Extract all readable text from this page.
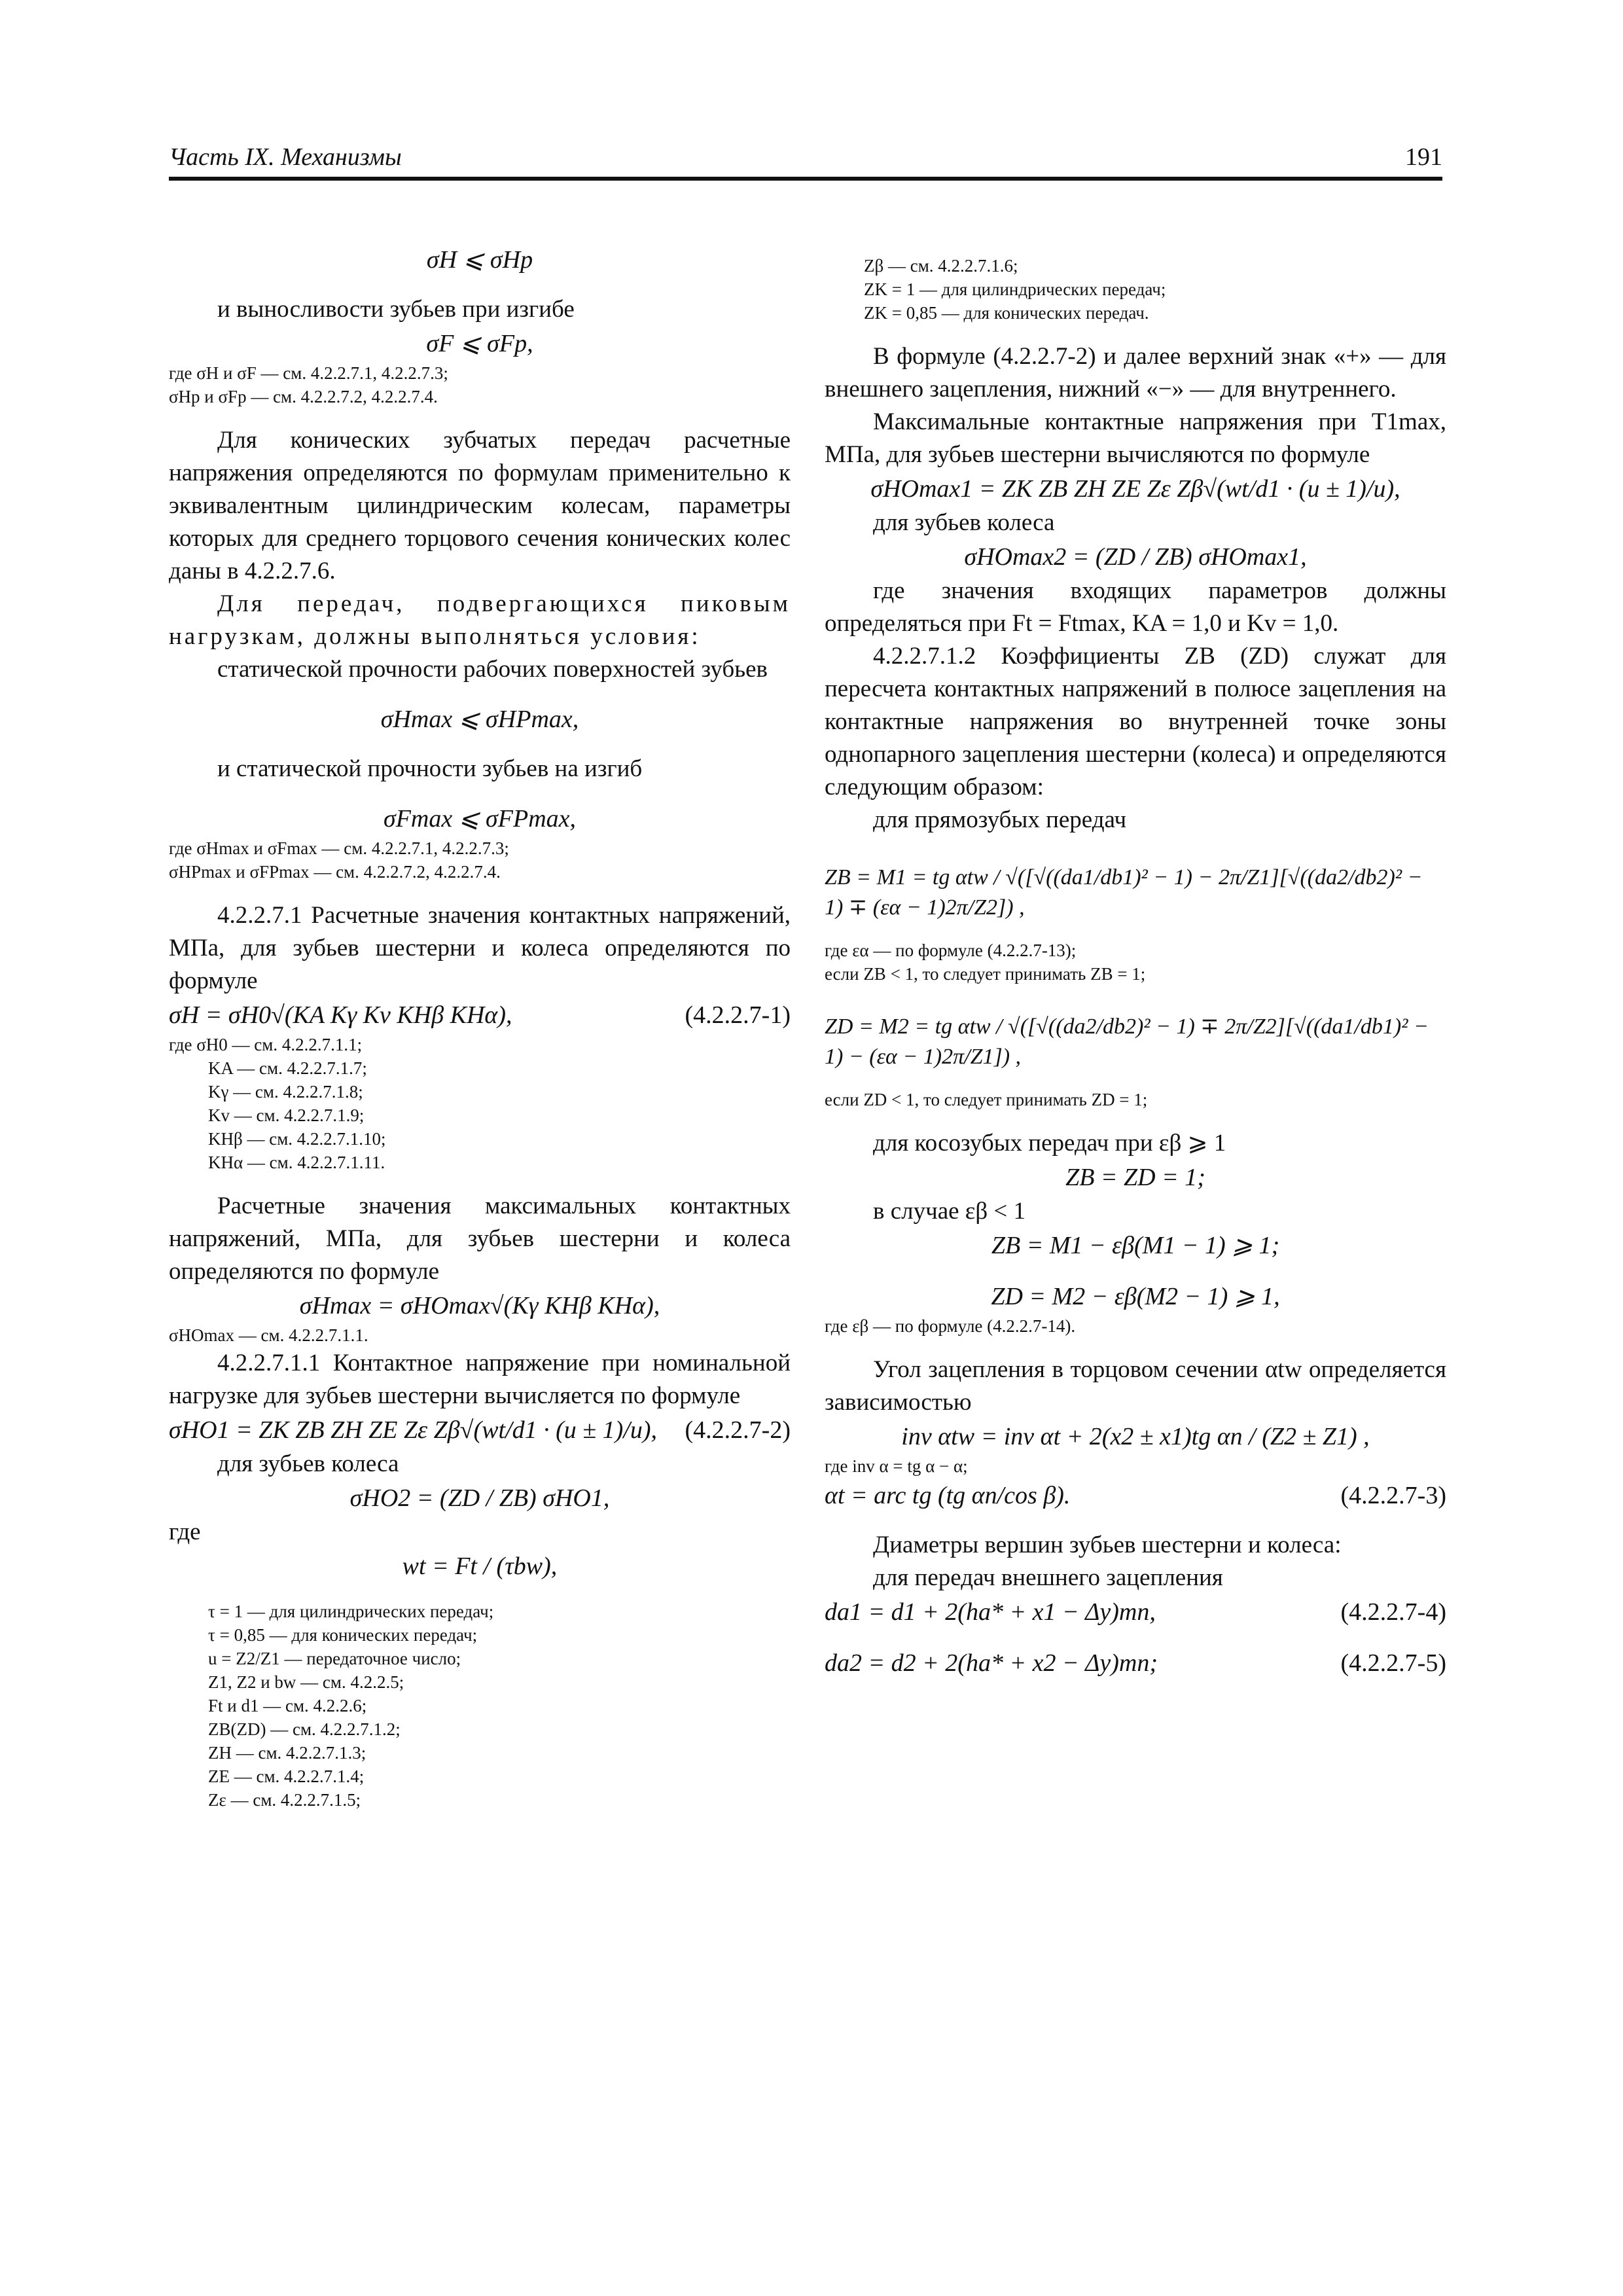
Часть IX. Механизмы	191
σH ⩽ σHp

и выносливости зубьев при изгибе

σF ⩽ σFp,

где σH и σF — см. 4.2.2.7.1, 4.2.2.7.3;

σHp и σFp — см. 4.2.2.7.2, 4.2.2.7.4.

Для конических зубчатых передач расчетные напряжения определяются по формулам применительно к эквивалентным цилиндрическим колесам, параметры которых для среднего торцового сечения конических колес даны в 4.2.2.7.6.

Для передач, подвергающихся пиковым нагрузкам, должны выполняться условия:

статической прочности рабочих поверхностей зубьев

σHmax ⩽ σHPmax,

и статической прочности зубьев на изгиб

σFmax ⩽ σFPmax,

где σHmax и σFmax — см. 4.2.2.7.1, 4.2.2.7.3;

σHPmax и σFPmax — см. 4.2.2.7.2, 4.2.2.7.4.

4.2.2.7.1 Расчетные значения контактных напряжений, МПа, для зубьев шестерни и колеса определяются по формуле

σH = σH0√(KA Kγ Kv KHβ KHα),	(4.2.2.7-1)

где σH0 — см. 4.2.2.7.1.1;

KA — см. 4.2.2.7.1.7;

Kγ — см. 4.2.2.7.1.8;

Kv — см. 4.2.2.7.1.9;

KHβ — см. 4.2.2.7.1.10;

KHα — см. 4.2.2.7.1.11.

Расчетные значения максимальных контактных напряжений, МПа, для зубьев шестерни и колеса определяются по формуле

σHmax = σHOmax√(Kγ KHβ KHα),

σHOmax — см. 4.2.2.7.1.1.

4.2.2.7.1.1 Контактное напряжение при номинальной нагрузке для зубьев шестерни вычисляется по формуле

σHO1 = ZK ZB ZH ZE Zε Zβ√(wt/d1 · (u ± 1)/u), (4.2.2.7-2)

для зубьев колеса

σHO2 = (ZD / ZB) σHO1,

где

wt = Ft / (τbw),

τ = 1 — для цилиндрических передач;

τ = 0,85 — для конических передач;

u = Z2/Z1 — передаточное число;

Z1, Z2 и bw — см. 4.2.2.5;

Ft и d1 — см. 4.2.2.6;

ZB(ZD) — см. 4.2.2.7.1.2;

ZH — см. 4.2.2.7.1.3;

ZE — см. 4.2.2.7.1.4;

Zε — см. 4.2.2.7.1.5;

Zβ — см. 4.2.2.7.1.6;

ZK = 1 — для цилиндрических передач;

ZK = 0,85 — для конических передач.

В формуле (4.2.2.7-2) и далее верхний знак «+» — для внешнего зацепления, нижний «−» — для внутреннего.

Максимальные контактные напряжения при T1max, МПа, для зубьев шестерни вычисляются по формуле

σHOmax1 = ZK ZB ZH ZE Zε Zβ√(wt/d1 · (u ± 1)/u),

для зубьев колеса

σHOmax2 = (ZD / ZB) σHOmax1,

где значения входящих параметров должны определяться при Ft = Ftmax, KA = 1,0 и Kv = 1,0.

4.2.2.7.1.2 Коэффициенты ZB (ZD) служат для пересчета контактных напряжений в полюсе зацепления на контактные напряжения во внутренней точке зоны однопарного зацепления шестерни (колеса) и определяются следующим образом:

для прямозубых передач

ZB = M1 = tg αtw / √([√((da1/db1)² − 1) − 2π/Z1][√((da2/db2)² − 1) ∓ (εα − 1)2π/Z2]) ,

где εα — по формуле (4.2.2.7-13);

если ZB < 1, то следует принимать ZB = 1;

ZD = M2 = tg αtw / √([√((da2/db2)² − 1) ∓ 2π/Z2][√((da1/db1)² − 1) − (εα − 1)2π/Z1]) ,

если ZD < 1, то следует принимать ZD = 1;

для косозубых передач при εβ ⩾ 1

ZB = ZD = 1;

в случае εβ < 1

ZB = M1 − εβ(M1 − 1) ⩾ 1;
ZD = M2 − εβ(M2 − 1) ⩾ 1,

где εβ — по формуле (4.2.2.7-14).

Угол зацепления в торцовом сечении αtw определяется зависимостью

inv αtw = inv αt + 2(x2 ± x1)tg αn / (Z2 ± Z1) ,

где inv α = tg α − α;

αt = arc tg (tg αn/cos β).	(4.2.2.7-3)

Диаметры вершин зубьев шестерни и колеса:

для передач внешнего зацепления

da1 = d1 + 2(ha* + x1 − Δy)mn,	(4.2.2.7-4)
da2 = d2 + 2(ha* + x2 − Δy)mn;	(4.2.2.7-5)
